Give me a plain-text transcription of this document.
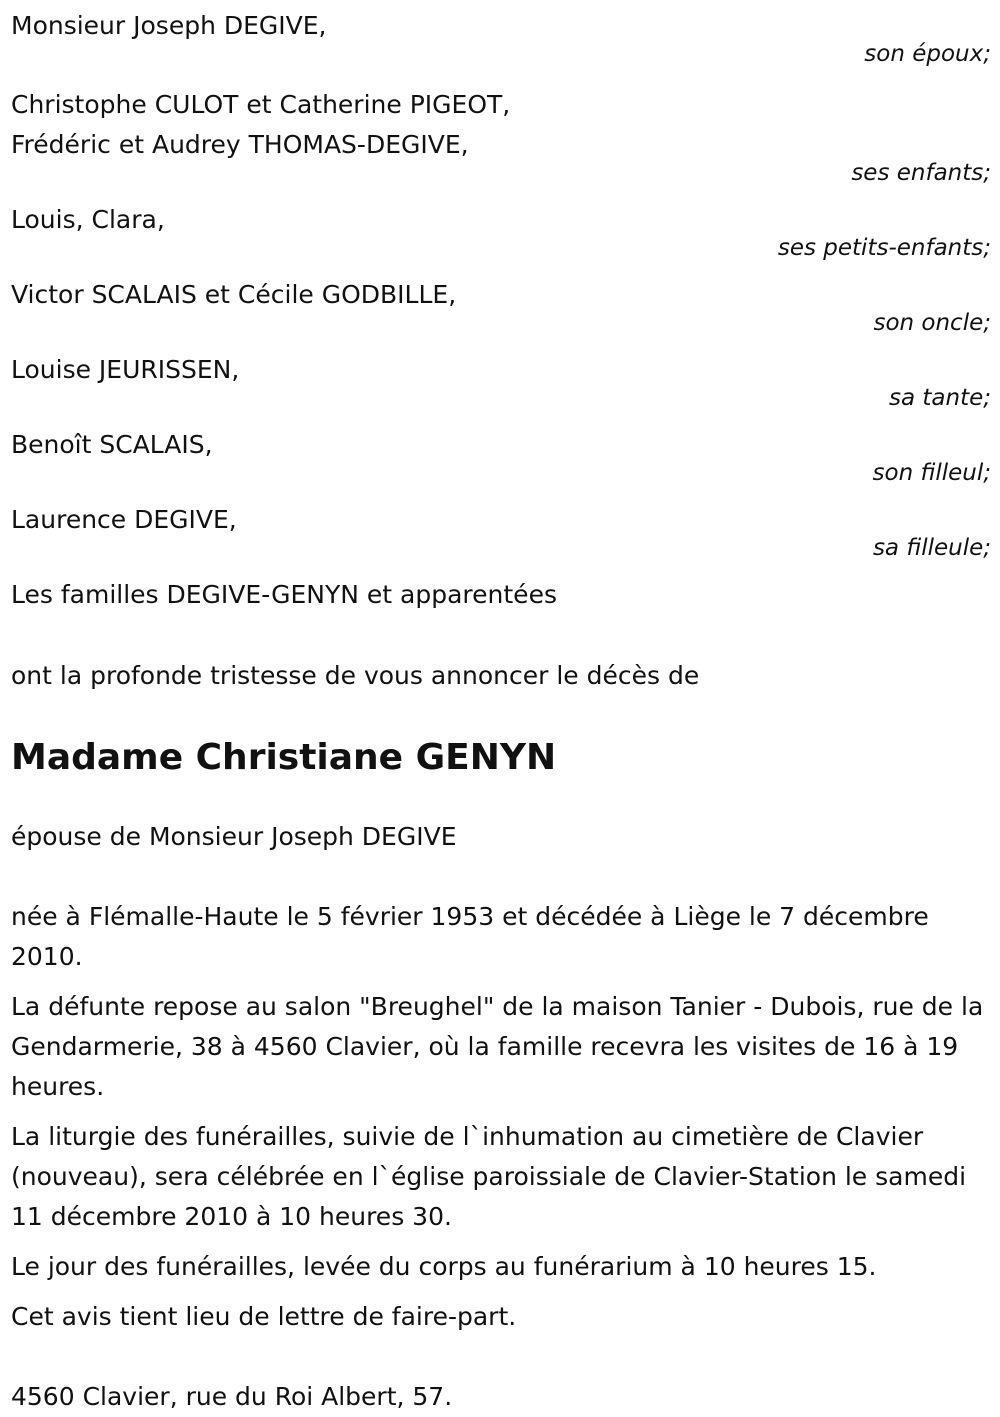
Monsieur Joseph DEGIVE,
son époux;
Christophe CULOT et Catherine PIGEOT,
Frédéric et Audrey THOMAS-DEGIVE,
ses enfants;
Louis, Clara,
ses petits-enfants;
Victor SCALAIS et Cécile GODBILLE,
son oncle;
Louise JEURISSEN,
sa tante;
Benoît SCALAIS,
son filleul;
Laurence DEGIVE,
sa filleule;
Les familles DEGIVE-GENYN et apparentées
ont la profonde tristesse de vous annoncer le décès de
Madame Christiane GENYN
épouse de Monsieur Joseph DEGIVE
née à Flémalle-Haute le 5 février 1953 et décédée à Liège le 7 décembre 2010.
La défunte repose au salon "Breughel" de la maison Tanier - Dubois, rue de la Gendarmerie, 38 à 4560 Clavier, où la famille recevra les visites de 16 à 19 heures.
La liturgie des funérailles, suivie de l`inhumation au cimetière de Clavier (nouveau), sera célébrée en l`église paroissiale de Clavier-Station le samedi 11 décembre 2010 à 10 heures 30.
Le jour des funérailles, levée du corps au funérarium à 10 heures 15.
Cet avis tient lieu de lettre de faire-part.
4560 Clavier, rue du Roi Albert, 57.
